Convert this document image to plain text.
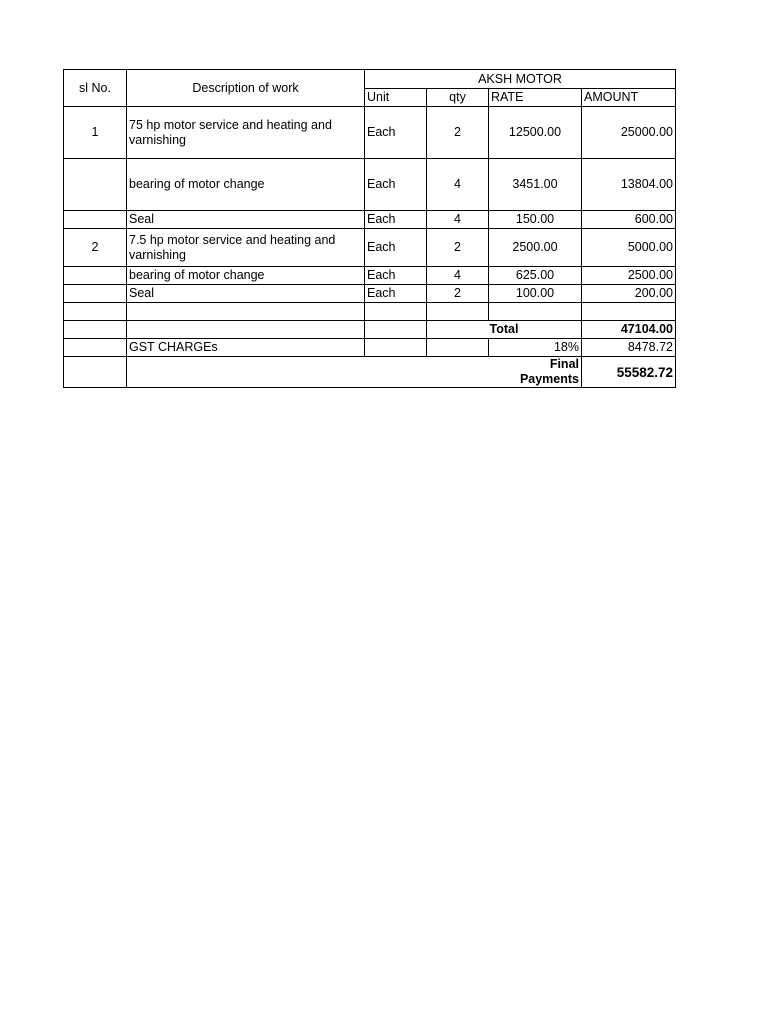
sl No.	Description of work	AKSH MOTOR			
		Unit	qty	RATE	AMOUNT
1	75 hp motor service and heating and varnishing	Each	2	12500.00	25000.00
	bearing of motor change	Each	4	3451.00	13804.00
	Seal	Each	4	150.00	600.00
2	7.5 hp motor service and heating and varnishing	Each	2	2500.00	5000.00
	bearing of motor change	Each	4	625.00	2500.00
	Seal	Each	2	100.00	200.00

			Total		47104.00
	GST CHARGEs			18%	8478.72
				Final Payments	55582.72
